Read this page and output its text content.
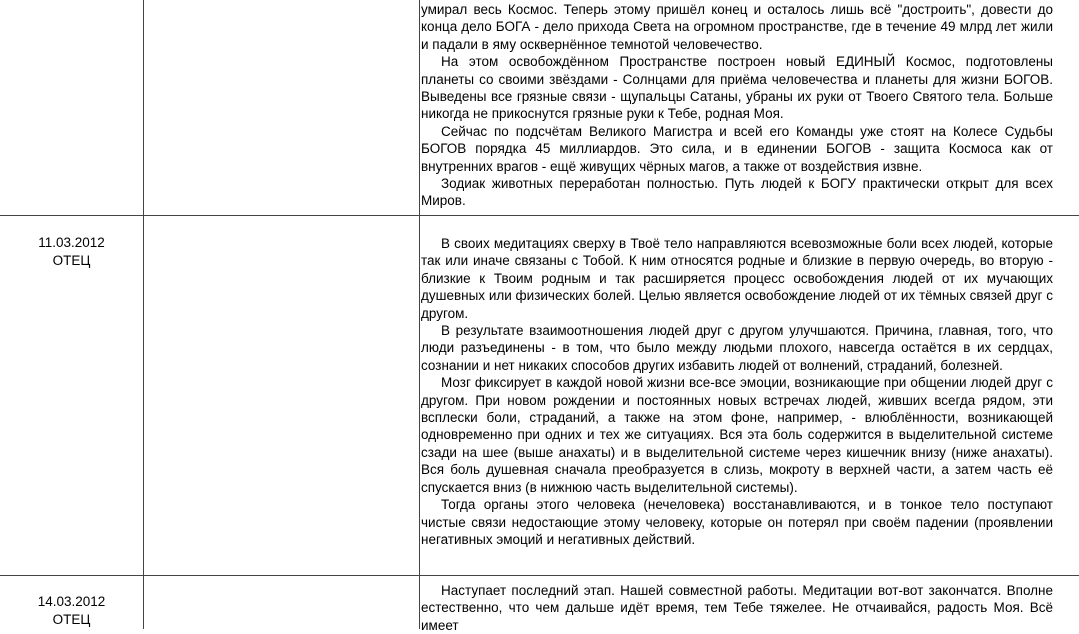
умирал весь Космос. Теперь этому пришёл конец и осталось лишь всё "достроить", довести до конца дело БОГА - дело прихода Света на огромном пространстве, где в течение 49 млрд лет жили и падали в яму осквернённое темнотой человечество.

На этом освобождённом Пространстве построен новый ЕДИНЫЙ Космос, подготовлены планеты со своими звёздами - Солнцами для приёма человечества и планеты для жизни БОГОВ. Выведены все грязные связи - щупальцы Сатаны, убраны их руки от Твоего Святого тела. Больше никогда не прикоснутся грязные руки к Тебе, родная Моя.

Сейчас по подсчётам Великого Магистра и всей его Команды уже стоят на Колесе Судьбы БОГОВ порядка 45 миллиардов. Это сила, и в единении БОГОВ - защита Космоса как от внутренних врагов - ещё живущих чёрных магов, а также от воздействия извне.

Зодиак животных переработан полностью. Путь людей к БОГУ практически открыт для всех Миров.

11.03.2012
ОТЕЦ

В своих медитациях сверху в Твоё тело направляются всевозможные боли всех людей, которые так или иначе связаны с Тобой. К ним относятся родные и близкие в первую очередь, во вторую - близкие к Твоим родным и так расширяется процесс освобождения людей от их мучающих душевных или физических болей. Целью является освобождение людей от их тёмных связей друг с другом.

В результате взаимоотношения людей друг с другом улучшаются. Причина, главная, того, что люди разъединены - в том, что было между людьми плохого, навсегда остаётся в их сердцах, сознании и нет никаких способов других избавить людей от волнений, страданий, болезней.

Мозг фиксирует в каждой новой жизни все-все эмоции, возникающие при общении людей друг с другом. При новом рождении и постоянных новых встречах людей, живших всегда рядом, эти всплески боли, страданий, а также на этом фоне, например, - влюблённости, возникающей одновременно при одних и тех же ситуациях. Вся эта боль содержится в выделительной системе сзади на шее (выше анахаты) и в выделительной системе через кишечник внизу (ниже анахаты). Вся боль душевная сначала преобразуется в слизь, мокроту в верхней части, а затем часть её спускается вниз (в нижнюю часть выделительной системы).

Тогда органы этого человека (нечеловека) восстанавливаются, и в тонкое тело поступают чистые связи недостающие этому человеку, которые он потерял при своём падении (проявлении негативных эмоций и негативных действий.

14.03.2012
ОТЕЦ

Наступает последний этап. Нашей совместной работы. Медитации вот-вот закончатся. Вполне естественно, что чем дальше идёт время, тем Тебе тяжелее. Не отчаивайся, радость Моя. Всё имеет
